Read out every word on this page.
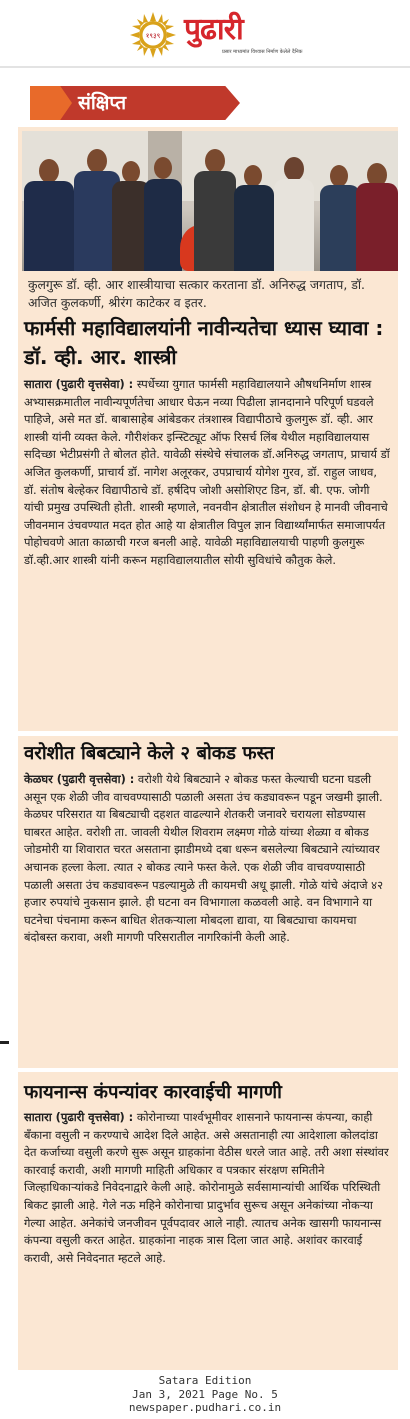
१९३९ पुढारी
प्रसार माध्यमांत विश्वास निर्माण केलेले दैनिक
संक्षिप्त
कुलगुरू डॉ. व्ही. आर शास्त्रीयाचा सत्कार करताना डॉ. अनिरुद्ध जगताप, डॉ. अजित कुलकर्णी, श्रीरंग काटेकर व इतर.
फार्मसी महाविद्यालयांनी नावीन्यतेचा ध्यास घ्यावा : डॉ. व्ही. आर. शास्त्री
सातारा (पुढारी वृत्तसेवा) : स्पर्धेच्या युगात फार्मसी महाविद्यालयाने औषधनिर्माण शास्त्र अभ्यासक्रमातील नावीन्यपूर्णतेचा आधार घेऊन नव्या पिढीला ज्ञानदानाने परिपूर्ण घडवले पाहिजे, असे मत डॉ. बाबासाहेब आंबेडकर तंत्रशास्त्र विद्यापीठाचे कुलगुरू डॉ. व्ही. आर शास्त्री यांनी व्यक्त केले. गौरीशंकर इन्स्टिट्यूट ऑफ रिसर्च लिंब येथील महाविद्यालयास सदिच्छा भेटीप्रसंगी ते बोलत होते. यावेळी संस्थेचे संचालक डॉ.अनिरुद्ध जगताप, प्राचार्य डॉ अजित कुलकर्णी, प्राचार्य डॉ. नागेश अलूरकर, उपप्राचार्य योगेश गुरव, डॉ. राहुल जाधव, डॉ. संतोष बेल्हेकर विद्यापीठाचे डॉ. हर्षदिप जोशी असोशिएट डिन, डॉ. बी. एफ. जोगी यांची प्रमुख उपस्थिती होती. शास्त्री म्हणाले, नवनवीन क्षेत्रातील संशोधन हे मानवी जीवनाचे जीवनमान उंचवण्यात मदत होत आहे या क्षेत्रातील विपुल ज्ञान विद्यार्थ्यांमार्फत समाजापर्यत पोहोचवणे आता काळाची गरज बनली आहे. यावेळी महाविद्यालयाची पाहणी कुलगुरू डॉ.व्ही.आर शास्त्री यांनी करून महाविद्यालयातील सोयी सुविधांचे कौतुक केले.
वरोशीत बिबट्याने केले २ बोकड फस्त
केळघर (पुढारी वृत्तसेवा) : वरोशी येथे बिबट्याने २ बोकड फस्त केल्याची घटना घडली असून एक शेळी जीव वाचवण्यासाठी पळाली असता उंच कड्यावरून पडून जखमी झाली. केळघर परिसरात या बिबट्याची दहशत वाढल्याने शेतकरी जनावरे चरायला सोडण्यास घाबरत आहेत. वरोशी ता. जावली येथील शिवराम लक्ष्मण गोळे यांच्या शेळ्या व बोकड जोडमोरी या शिवारात चरत असताना झाडीमध्ये दबा धरून बसलेल्या बिबट्याने त्यांच्यावर अचानक हल्ला केला. त्यात २ बोकड त्याने फस्त केले. एक शेळी जीव वाचवण्यासाठी पळाली असता उंच कड्यावरून पडल्यामुळे ती कायमची अधू झाली. गोळे यांचे अंदाजे ४२ हजार रुपयांचे नुकसान झाले. ही घटना वन विभागाला कळवली आहे. वन विभागाने या घटनेचा पंचनामा करून बाधित शेतकर्‍याला मोबदला द्यावा, या बिबट्याचा कायमचा बंदोबस्त करावा, अशी मागणी परिसरातील नागरिकांनी केली आहे.
फायनान्स कंपन्यांवर कारवाईची मागणी
सातारा (पुढारी वृत्तसेवा) : कोरोनाच्या पार्श्वभूमीवर शासनाने फायनान्स कंपन्या, काही बँकाना वसुली न करण्याचे आदेश दिले आहेत. असे असतानाही त्या आदेशाला कोलदांडा देत कर्जाच्या वसुली करणे सुरू असून ग्राहकांना वेठीस धरले जात आहे. तरी अशा संस्थांवर कारवाई करावी, अशी मागणी माहिती अधिकार व पत्रकार संरक्षण समितीने जिल्हाधिकाऱ्यांकडे निवेदनाद्वारे केली आहे. कोरोनामुळे सर्वसामान्यांची आर्थिक परिस्थिती बिकट झाली आहे. गेले नऊ महिने कोरोनाचा प्रादुर्भाव सुरूच असून अनेकांच्या नोकऱ्या गेल्या आहेत. अनेकांचे जनजीवन पूर्वपदावर आले नाही. त्यातच अनेक खासगी फायनान्स कंपन्या वसुली करत आहेत. ग्राहकांना नाहक त्रास दिला जात आहे. अशांवर कारवाई करावी, असे निवेदनात म्हटले आहे.
Satara Edition
Jan 3, 2021 Page No. 5
newspaper.pudhari.co.in
